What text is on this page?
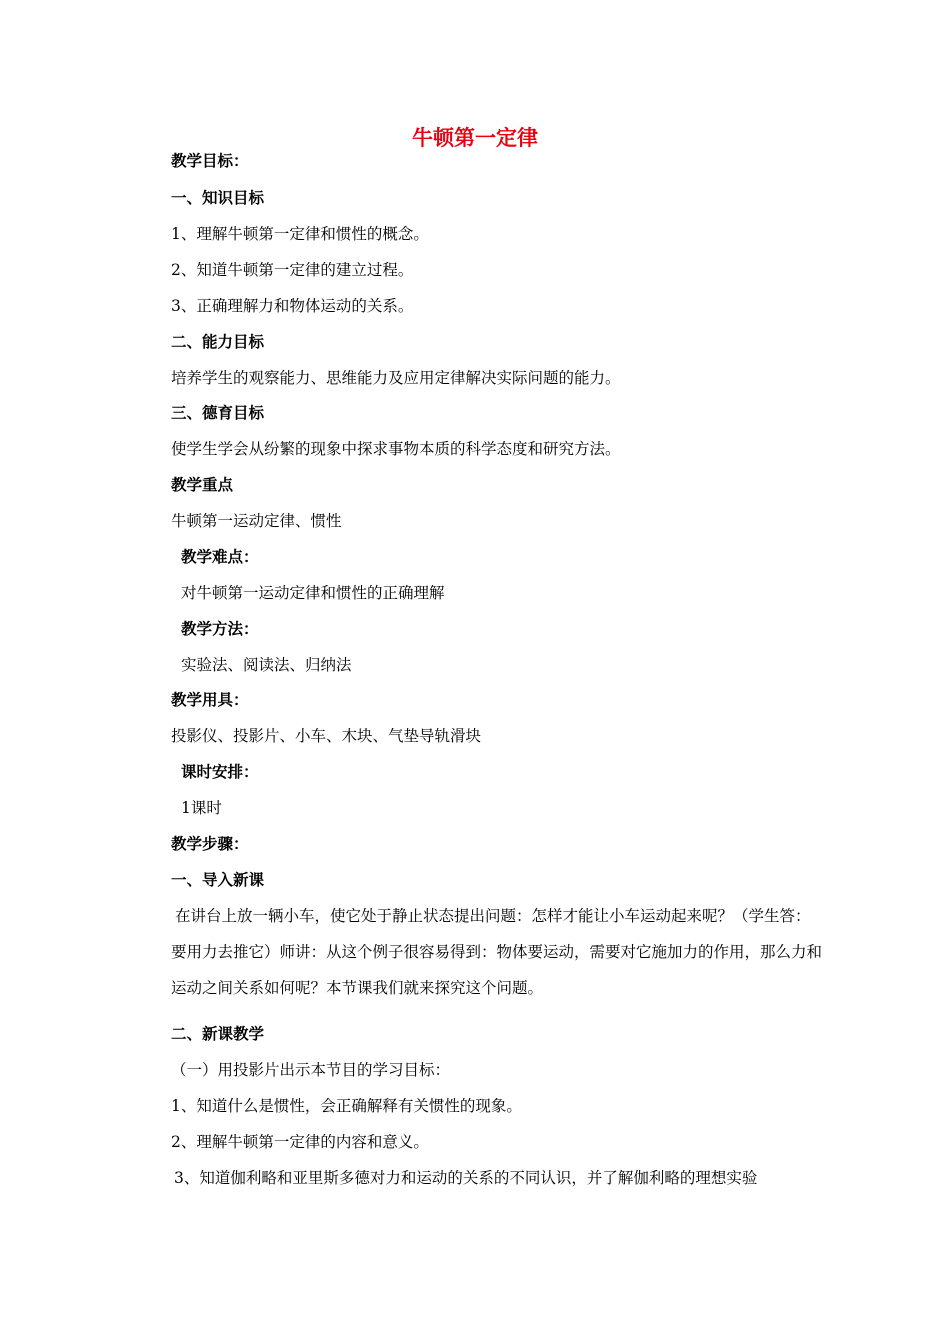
牛顿第一定律
教学目标：
一、知识目标
1、理解牛顿第一定律和惯性的概念。
2、知道牛顿第一定律的建立过程。
3、正确理解力和物体运动的关系。
二、能力目标
培养学生的观察能力、思维能力及应用定律解决实际问题的能力。
三、德育目标
使学生学会从纷繁的现象中探求事物本质的科学态度和研究方法。
教学重点
牛顿第一运动定律、惯性
教学难点：
对牛顿第一运动定律和惯性的正确理解
教学方法：
实验法、阅读法、归纳法
教学用具：
投影仪、投影片、小车、木块、气垫导轨滑块
课时安排：
1课时
教学步骤：
一、导入新课
在讲台上放一辆小车，使它处于静止状态提出问题：怎样才能让小车运动起来呢？（学生答：要用力去推它）师讲：从这个例子很容易得到：物体要运动，需要对它施加力的作用，那么力和运动之间关系如何呢？本节课我们就来探究这个问题。
二、新课教学
（一）用投影片出示本节目的学习目标：
1、知道什么是惯性，会正确解释有关惯性的现象。
2、理解牛顿第一定律的内容和意义。
3、知道伽利略和亚里斯多德对力和运动的关系的不同认识，并了解伽利略的理想实验
